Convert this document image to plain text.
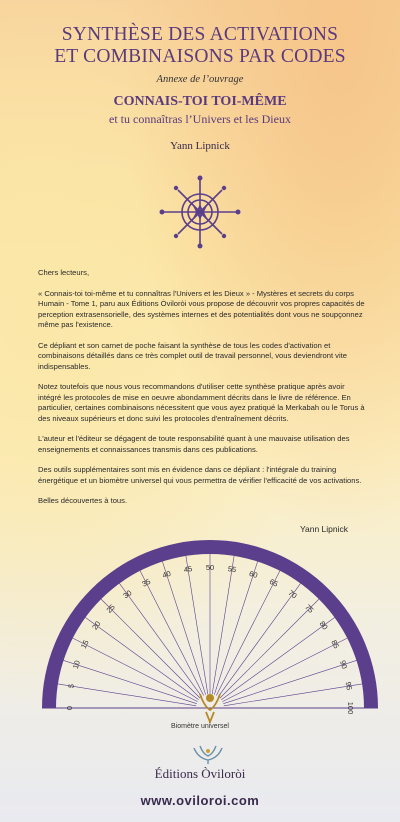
SYNTHÈSE DES ACTIVATIONS
ET COMBINAISONS PAR CODES
Annexe de l’ouvrage
CONNAIS-TOI TOI-MÊME
et tu connaîtras l’Univers et les Dieux
Yann Lipnick

Chers lecteurs,

« Connais-toi toi-même et tu connaîtras l'Univers et les Dieux » - Mystères et secrets du corps Humain - Tome 1, paru aux Éditions Òviloròi vous propose de découvrir vos propres capacités de perception extrasensorielle, des systèmes internes et des potentialités dont vous ne soupçonnez même pas l'existence.

Ce dépliant et son carnet de poche faisant la synthèse de tous les codes d'activation et combinaisons détaillés dans ce très complet outil de travail personnel, vous deviendront vite indispensables.

Notez toutefois que nous vous recommandons d'utiliser cette synthèse pratique après avoir intégré les protocoles de mise en oeuvre abondamment décrits dans le livre de référence. En particulier, certaines combinaisons nécessitent que vous ayez pratiqué la Merkabah ou le Torus à des niveaux supérieurs et donc suivi les protocoles d'entraînement décrits.

L'auteur et l'éditeur se dégagent de toute responsabilité quant à une mauvaise utilisation des enseignements et connaissances transmis dans ces publications.

Des outils supplémentaires sont mis en évidence dans ce dépliant : l'intégrale du training énergétique et un biomètre universel qui vous permettra de vérifier l'efficacité de vos activations.

Belles découvertes à tous.

Yann Lipnick
0
5
10
15
20
25
30
35
40 45 50 55 60
65
70
75
80
85
90
95
100
Biomètre universel
Éditions Òviloròi
www.oviloroi.com
